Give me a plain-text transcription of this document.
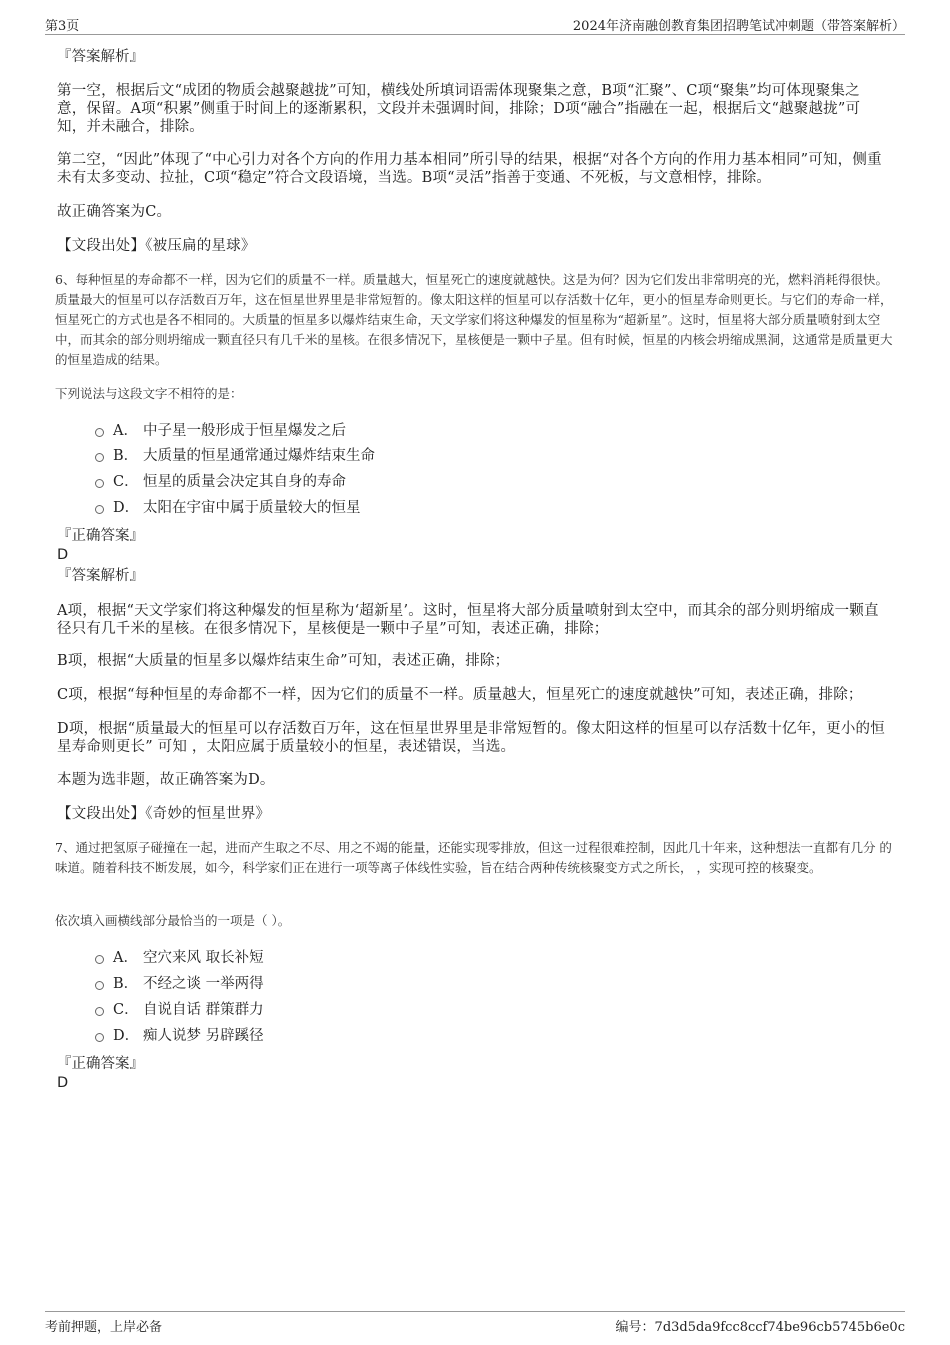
第3页	2024年济南融创教育集团招聘笔试冲刺题（带答案解析）

『答案解析』

第一空，根据后文“成团的物质会越聚越拢”可知，横线处所填词语需体现聚集之意，B项“汇聚”、C项“聚集”均可体现聚集之意，保留。A项“积累”侧重于时间上的逐渐累积，文段并未强调时间，排除；D项“融合”指融在一起，根据后文“越聚越拢”可知，并未融合，排除。

第二空，“因此”体现了“中心引力对各个方向的作用力基本相同”所引导的结果，根据“对各个方向的作用力基本相同”可知，侧重未有太多变动、拉扯，C项“稳定”符合文段语境，当选。B项“灵活”指善于变通、不死板，与文意相悖，排除。

故正确答案为C。

【文段出处】《被压扁的星球》

6、每种恒星的寿命都不一样，因为它们的质量不一样。质量越大，恒星死亡的速度就越快。这是为何？因为它们发出非常明亮的光，燃料消耗得很快。质量最大的恒星可以存活数百万年，这在恒星世界里是非常短暂的。像太阳这样的恒星可以存活数十亿年，更小的恒星寿命则更长。与它们的寿命一样，恒星死亡的方式也是各不相同的。大质量的恒星多以爆炸结束生命，天文学家们将这种爆发的恒星称为“超新星”。这时，恒星将大部分质量喷射到太空中，而其余的部分则坍缩成一颗直径只有几千米的星核。在很多情况下，星核便是一颗中子星。但有时候，恒星的内核会坍缩成黑洞，这通常是质量更大的恒星造成的结果。

下列说法与这段文字不相符的是：

A． 中子星一般形成于恒星爆发之后
B． 大质量的恒星通常通过爆炸结束生命
C． 恒星的质量会决定其自身的寿命
D． 太阳在宇宙中属于质量较大的恒星

『正确答案』

D

『答案解析』

A项，根据“天文学家们将这种爆发的恒星称为‘超新星’。这时，恒星将大部分质量喷射到太空中，而其余的部分则坍缩成一颗直径只有几千米的星核。在很多情况下，星核便是一颗中子星”可知，表述正确，排除；

B项，根据“大质量的恒星多以爆炸结束生命”可知，表述正确，排除；

C项，根据“每种恒星的寿命都不一样，因为它们的质量不一样。质量越大，恒星死亡的速度就越快”可知，表述正确，排除；

D项，根据“质量最大的恒星可以存活数百万年，这在恒星世界里是非常短暂的。像太阳这样的恒星可以存活数十亿年，更小的恒星寿命则更长” 可知 ，太阳应属于质量较小的恒星，表述错误，当选。

本题为选非题，故正确答案为D。

【文段出处】《奇妙的恒星世界》

7、通过把氢原子碰撞在一起，进而产生取之不尽、用之不竭的能量，还能实现零排放，但这一过程很难控制，因此几十年来，这种想法一直都有几分 的味道。随着科技不断发展，如今，科学家们正在进行一项等离子体线性实验，旨在结合两种传统核聚变方式之所长， ，实现可控的核聚变。

依次填入画横线部分最恰当的一项是（ ）。

A． 空穴来风 取长补短
B． 不经之谈 一举两得
C． 自说自话 群策群力
D． 痴人说梦 另辟蹊径

『正确答案』

D

考前押题，上岸必备	编号：7d3d5da9fcc8ccf74be96cb5745b6e0c
